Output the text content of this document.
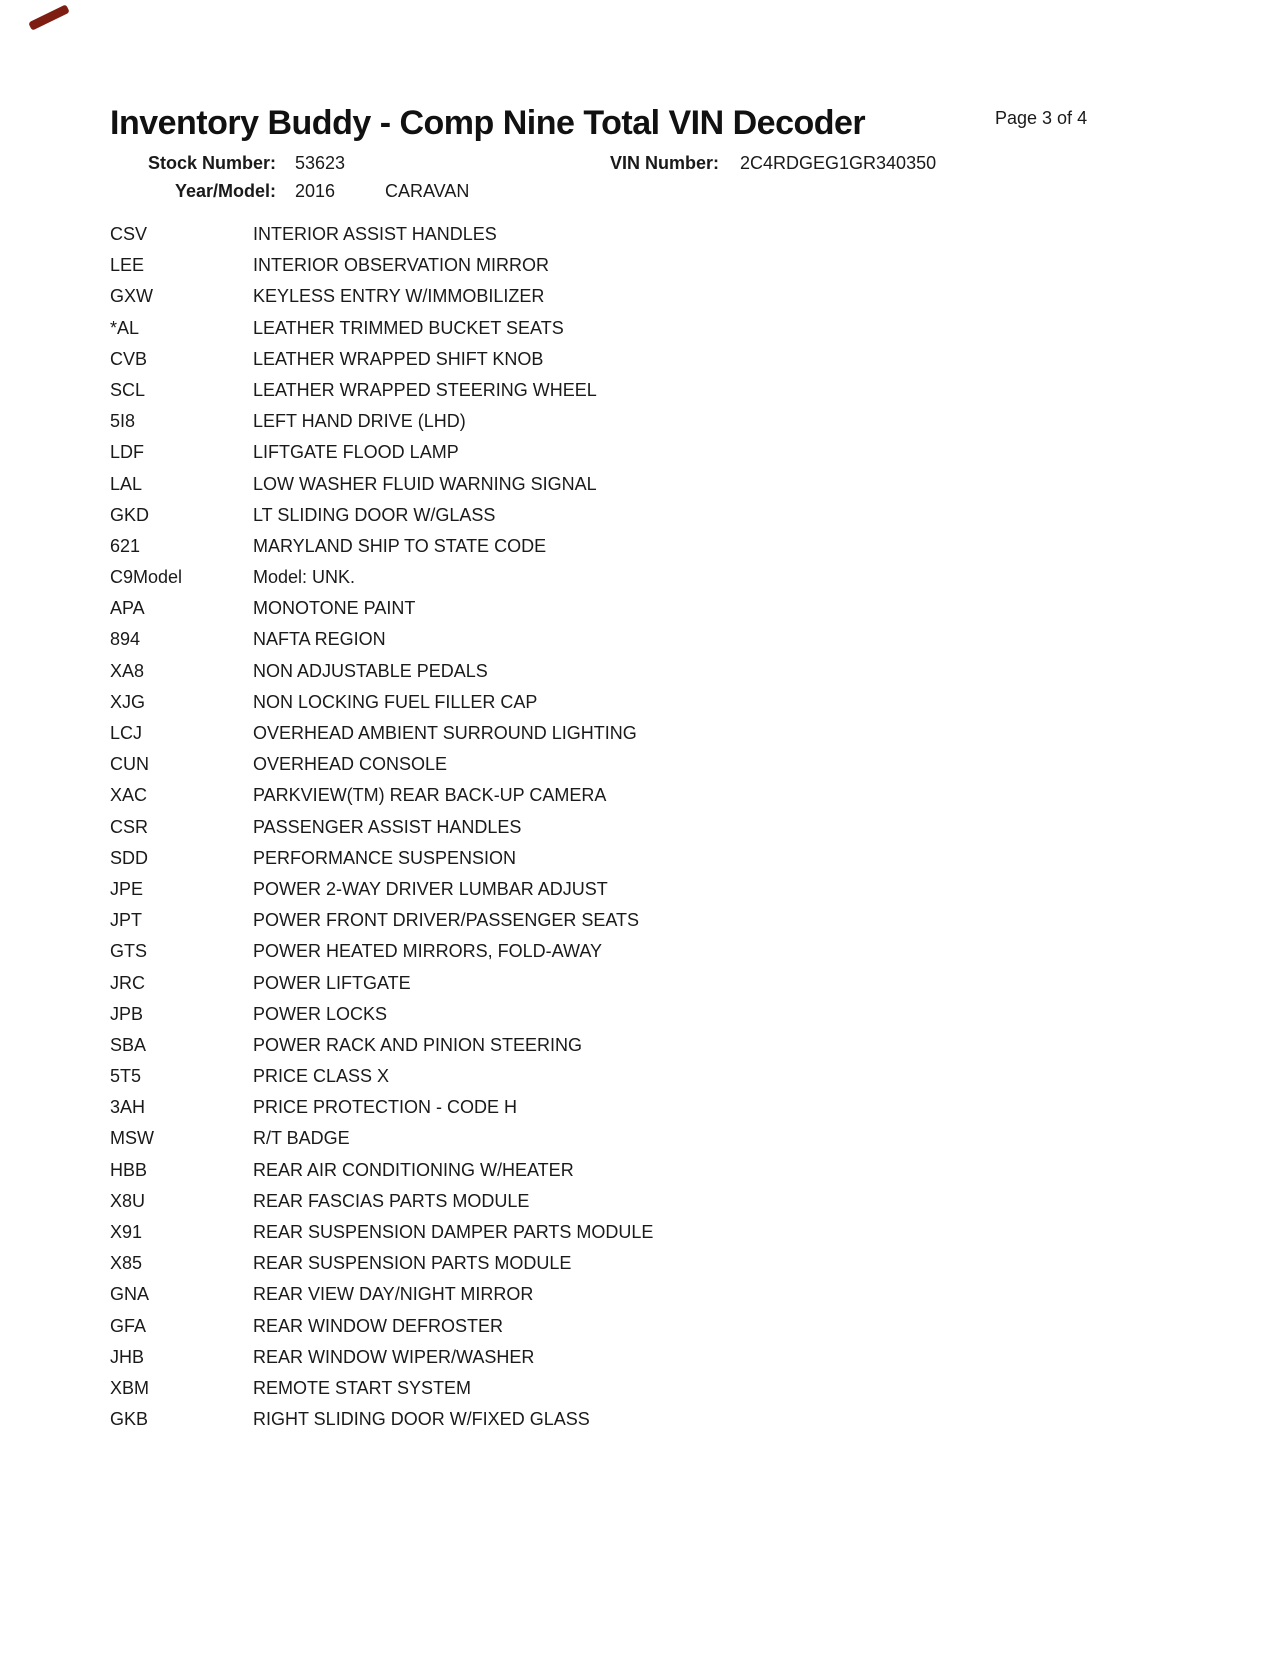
Inventory Buddy - Comp Nine Total VIN Decoder	Page 3 of 4
Stock Number: 53623	VIN Number: 2C4RDGEG1GR340350
Year/Model: 2016	CARAVAN
CSV	INTERIOR ASSIST HANDLES
LEE	INTERIOR OBSERVATION MIRROR
GXW	KEYLESS ENTRY W/IMMOBILIZER
*AL	LEATHER TRIMMED BUCKET SEATS
CVB	LEATHER WRAPPED SHIFT KNOB
SCL	LEATHER WRAPPED STEERING WHEEL
5I8	LEFT HAND DRIVE (LHD)
LDF	LIFTGATE FLOOD LAMP
LAL	LOW WASHER FLUID WARNING SIGNAL
GKD	LT SLIDING DOOR W/GLASS
621	MARYLAND SHIP TO STATE CODE
C9Model	Model: UNK.
APA	MONOTONE PAINT
894	NAFTA REGION
XA8	NON ADJUSTABLE PEDALS
XJG	NON LOCKING FUEL FILLER CAP
LCJ	OVERHEAD AMBIENT SURROUND LIGHTING
CUN	OVERHEAD CONSOLE
XAC	PARKVIEW(TM) REAR BACK-UP CAMERA
CSR	PASSENGER ASSIST HANDLES
SDD	PERFORMANCE SUSPENSION
JPE	POWER 2-WAY DRIVER LUMBAR ADJUST
JPT	POWER FRONT DRIVER/PASSENGER SEATS
GTS	POWER HEATED MIRRORS, FOLD-AWAY
JRC	POWER LIFTGATE
JPB	POWER LOCKS
SBA	POWER RACK AND PINION STEERING
5T5	PRICE CLASS X
3AH	PRICE PROTECTION - CODE H
MSW	R/T BADGE
HBB	REAR AIR CONDITIONING W/HEATER
X8U	REAR FASCIAS PARTS MODULE
X91	REAR SUSPENSION DAMPER PARTS MODULE
X85	REAR SUSPENSION PARTS MODULE
GNA	REAR VIEW DAY/NIGHT MIRROR
GFA	REAR WINDOW DEFROSTER
JHB	REAR WINDOW WIPER/WASHER
XBM	REMOTE START SYSTEM
GKB	RIGHT SLIDING DOOR W/FIXED GLASS
